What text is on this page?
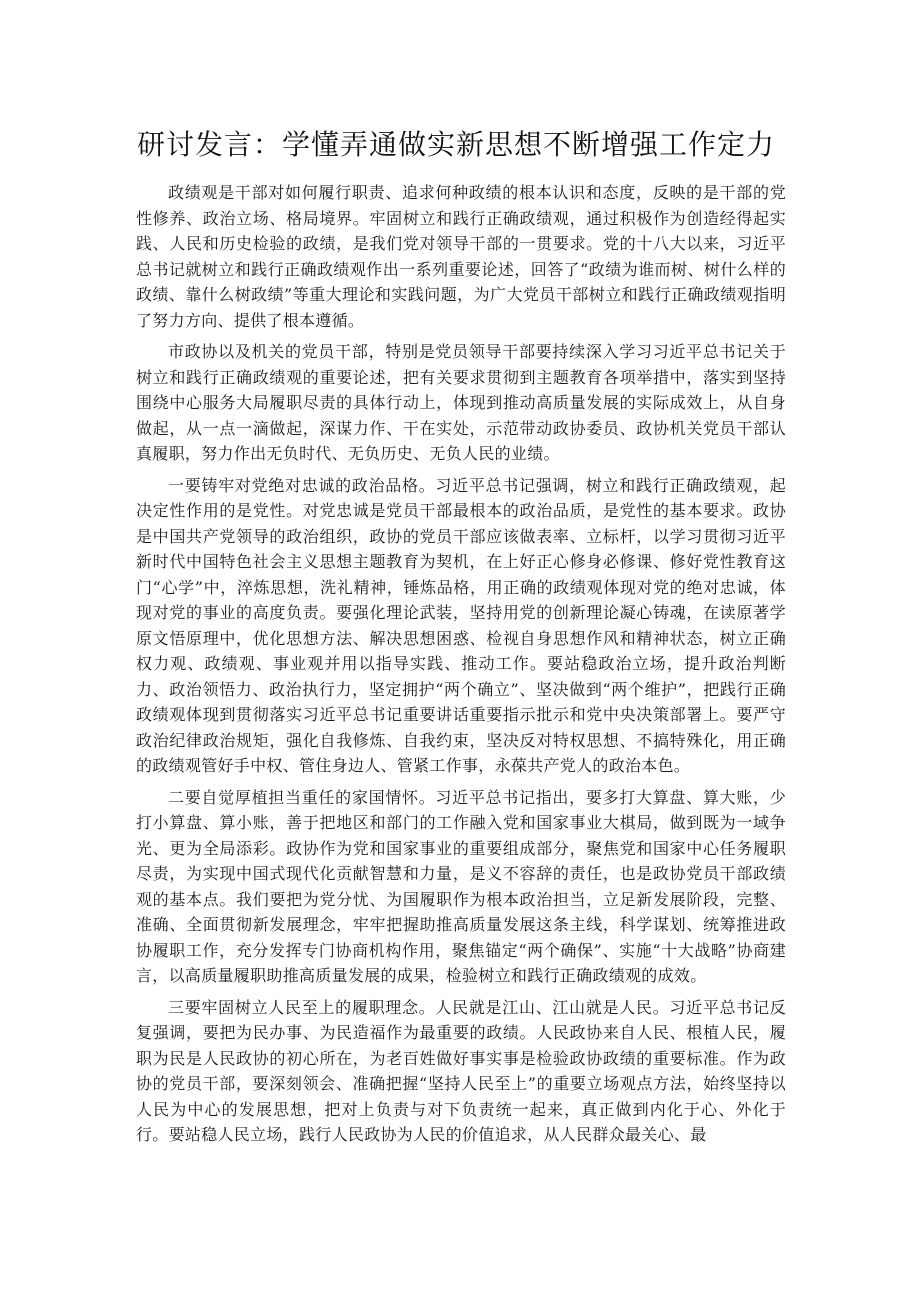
研讨发言：学懂弄通做实新思想不断增强工作定力

政绩观是干部对如何履行职责、追求何种政绩的根本认识和态度，反映的是干部的党性修养、政治立场、格局境界。牢固树立和践行正确政绩观，通过积极作为创造经得起实践、人民和历史检验的政绩，是我们党对领导干部的一贯要求。党的十八大以来，习近平总书记就树立和践行正确政绩观作出一系列重要论述，回答了“政绩为谁而树、树什么样的政绩、靠什么树政绩”等重大理论和实践问题，为广大党员干部树立和践行正确政绩观指明了努力方向、提供了根本遵循。

市政协以及机关的党员干部，特别是党员领导干部要持续深入学习习近平总书记关于树立和践行正确政绩观的重要论述，把有关要求贯彻到主题教育各项举措中，落实到坚持围绕中心服务大局履职尽责的具体行动上，体现到推动高质量发展的实际成效上，从自身做起，从一点一滴做起，深谋力作、干在实处，示范带动政协委员、政协机关党员干部认真履职，努力作出无负时代、无负历史、无负人民的业绩。

一要铸牢对党绝对忠诚的政治品格。习近平总书记强调，树立和践行正确政绩观，起决定性作用的是党性。对党忠诚是党员干部最根本的政治品质，是党性的基本要求。政协是中国共产党领导的政治组织，政协的党员干部应该做表率、立标杆，以学习贯彻习近平新时代中国特色社会主义思想主题教育为契机，在上好正心修身必修课、修好党性教育这门“心学”中，淬炼思想，洗礼精神，锤炼品格，用正确的政绩观体现对党的绝对忠诚，体现对党的事业的高度负责。要强化理论武装，坚持用党的创新理论凝心铸魂，在读原著学原文悟原理中，优化思想方法、解决思想困惑、检视自身思想作风和精神状态，树立正确权力观、政绩观、事业观并用以指导实践、推动工作。要站稳政治立场，提升政治判断力、政治领悟力、政治执行力，坚定拥护“两个确立”、坚决做到“两个维护”，把践行正确政绩观体现到贯彻落实习近平总书记重要讲话重要指示批示和党中央决策部署上。要严守政治纪律政治规矩，强化自我修炼、自我约束，坚决反对特权思想、不搞特殊化，用正确的政绩观管好手中权、管住身边人、管紧工作事，永葆共产党人的政治本色。

二要自觉厚植担当重任的家国情怀。习近平总书记指出，要多打大算盘、算大账，少打小算盘、算小账，善于把地区和部门的工作融入党和国家事业大棋局，做到既为一域争光、更为全局添彩。政协作为党和国家事业的重要组成部分，聚焦党和国家中心任务履职尽责，为实现中国式现代化贡献智慧和力量，是义不容辞的责任，也是政协党员干部政绩观的基本点。我们要把为党分忧、为国履职作为根本政治担当，立足新发展阶段，完整、准确、全面贯彻新发展理念，牢牢把握助推高质量发展这条主线，科学谋划、统筹推进政协履职工作，充分发挥专门协商机构作用，聚焦锚定“两个确保”、实施“十大战略”协商建言，以高质量履职助推高质量发展的成果，检验树立和践行正确政绩观的成效。

三要牢固树立人民至上的履职理念。人民就是江山、江山就是人民。习近平总书记反复强调，要把为民办事、为民造福作为最重要的政绩。人民政协来自人民、根植人民，履职为民是人民政协的初心所在，为老百姓做好事实事是检验政协政绩的重要标准。作为政协的党员干部，要深刻领会、准确把握“坚持人民至上”的重要立场观点方法，始终坚持以人民为中心的发展思想，把对上负责与对下负责统一起来，真正做到内化于心、外化于行。要站稳人民立场，践行人民政协为人民的价值追求，从人民群众最关心、最
